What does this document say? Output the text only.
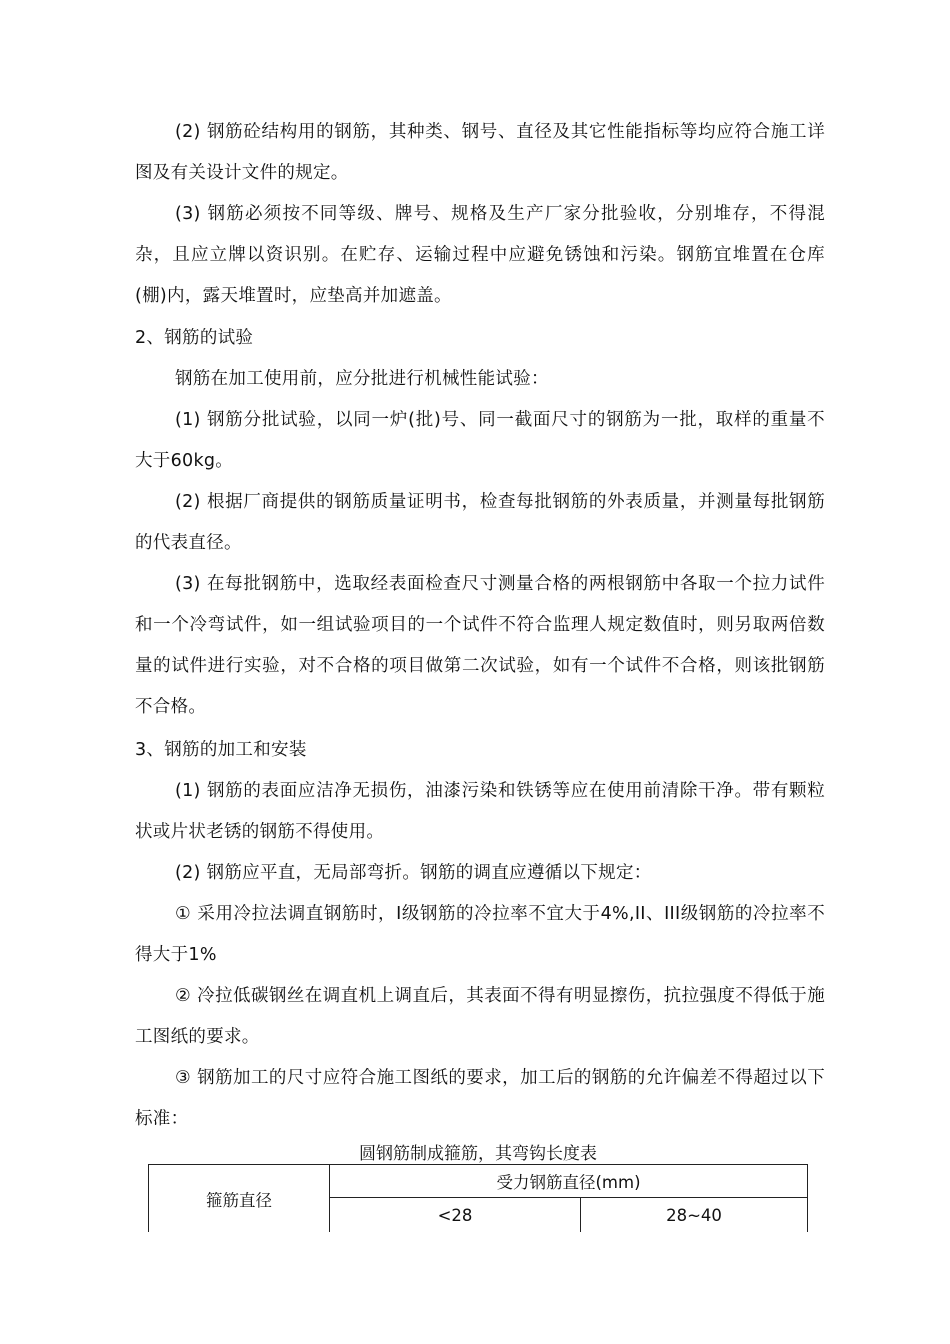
(2) 钢筋砼结构用的钢筋，其种类、钢号、直径及其它性能指标等均应符合施工详图及有关设计文件的规定。

(3) 钢筋必须按不同等级、牌号、规格及生产厂家分批验收，分别堆存，不得混杂，且应立牌以资识别。在贮存、运输过程中应避免锈蚀和污染。钢筋宜堆置在仓库(棚)内，露天堆置时，应垫高并加遮盖。

2、钢筋的试验

钢筋在加工使用前，应分批进行机械性能试验：

(1) 钢筋分批试验，以同一炉(批)号、同一截面尺寸的钢筋为一批，取样的重量不大于60kg。

(2) 根据厂商提供的钢筋质量证明书，检查每批钢筋的外表质量，并测量每批钢筋的代表直径。

(3) 在每批钢筋中，选取经表面检查尺寸测量合格的两根钢筋中各取一个拉力试件和一个冷弯试件，如一组试验项目的一个试件不符合监理人规定数值时，则另取两倍数量的试件进行实验，对不合格的项目做第二次试验，如有一个试件不合格，则该批钢筋不合格。

3、钢筋的加工和安装

(1) 钢筋的表面应洁净无损伤，油漆污染和铁锈等应在使用前清除干净。带有颗粒状或片状老锈的钢筋不得使用。

(2) 钢筋应平直，无局部弯折。钢筋的调直应遵循以下规定：

① 采用冷拉法调直钢筋时，I级钢筋的冷拉率不宜大于4%,II、III级钢筋的冷拉率不得大于1%

② 冷拉低碳钢丝在调直机上调直后，其表面不得有明显擦伤，抗拉强度不得低于施工图纸的要求。

③ 钢筋加工的尺寸应符合施工图纸的要求，加工后的钢筋的允许偏差不得超过以下标准：

圆钢筋制成箍筋，其弯钩长度表
箍筋直径	受力钢筋直径(mm)	
	<28	28~40
